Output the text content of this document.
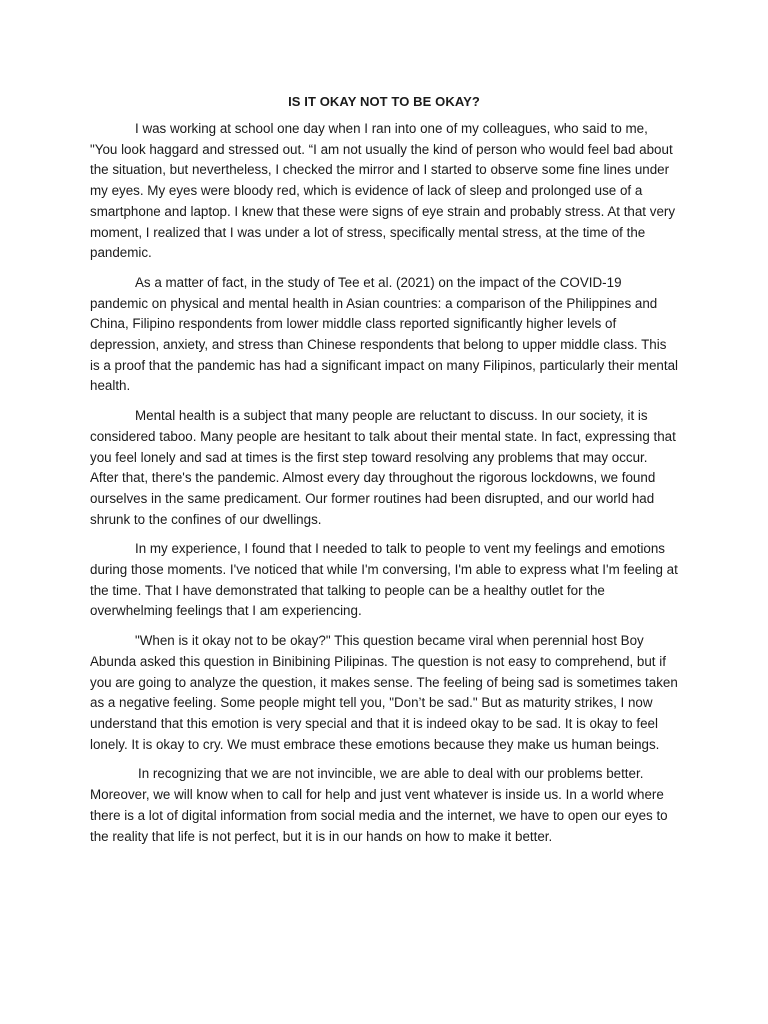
IS IT OKAY NOT TO BE OKAY?

I was working at school one day when I ran into one of my colleagues, who said to me, "You look haggard and stressed out. “I am not usually the kind of person who would feel bad about the situation, but nevertheless, I checked the mirror and I started to observe some fine lines under my eyes. My eyes were bloody red, which is evidence of lack of sleep and prolonged use of a smartphone and laptop. I knew that these were signs of eye strain and probably stress. At that very moment, I realized that I was under a lot of stress, specifically mental stress, at the time of the pandemic.

As a matter of fact, in the study of Tee et al. (2021) on the impact of the COVID-19 pandemic on physical and mental health in Asian countries: a comparison of the Philippines and China, Filipino respondents from lower middle class reported significantly higher levels of depression, anxiety, and stress than Chinese respondents that belong to upper middle class. This is a proof that the pandemic has had a significant impact on many Filipinos, particularly their mental health.

Mental health is a subject that many people are reluctant to discuss. In our society, it is considered taboo. Many people are hesitant to talk about their mental state. In fact, expressing that you feel lonely and sad at times is the first step toward resolving any problems that may occur. After that, there's the pandemic. Almost every day throughout the rigorous lockdowns, we found ourselves in the same predicament. Our former routines had been disrupted, and our world had shrunk to the confines of our dwellings.

In my experience, I found that I needed to talk to people to vent my feelings and emotions during those moments. I've noticed that while I'm conversing, I'm able to express what I'm feeling at the time. That I have demonstrated that talking to people can be a healthy outlet for the overwhelming feelings that I am experiencing.

"When is it okay not to be okay?" This question became viral when perennial host Boy Abunda asked this question in Binibining Pilipinas. The question is not easy to comprehend, but if you are going to analyze the question, it makes sense. The feeling of being sad is sometimes taken as a negative feeling. Some people might tell you, "Don’t be sad." But as maturity strikes, I now understand that this emotion is very special and that it is indeed okay to be sad. It is okay to feel lonely. It is okay to cry. We must embrace these emotions because they make us human beings.

In recognizing that we are not invincible, we are able to deal with our problems better. Moreover, we will know when to call for help and just vent whatever is inside us. In a world where there is a lot of digital information from social media and the internet, we have to open our eyes to the reality that life is not perfect, but it is in our hands on how to make it better.
